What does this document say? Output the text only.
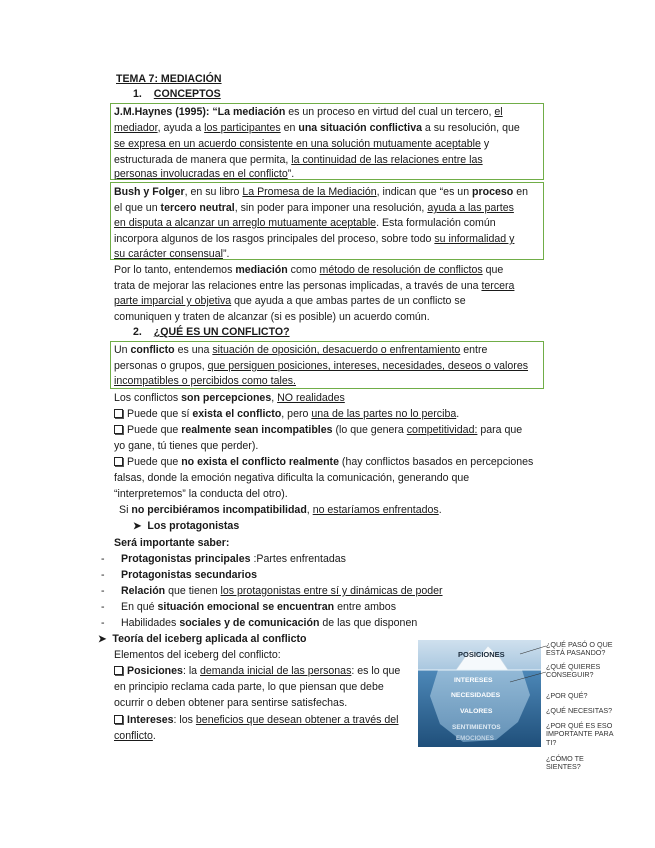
TEMA 7: MEDIACIÓN
1. CONCEPTOS
J.M.Haynes (1995): “La mediación es un proceso en virtud del cual un tercero, el
mediador, ayuda a los participantes en una situación conflictiva a su resolución, que
se expresa en un acuerdo consistente en una solución mutuamente aceptable y
estructurada de manera que permita, la continuidad de las relaciones entre las
personas involucradas en el conflicto”.
Bush y Folger, en su libro La Promesa de la Mediación, indican que “es un proceso en
el que un tercero neutral, sin poder para imponer una resolución, ayuda a las partes
en disputa a alcanzar un arreglo mutuamente aceptable. Esta formulación común
incorpora algunos de los rasgos principales del proceso, sobre todo su informalidad y
su carácter consensual”.
Por lo tanto, entendemos mediación como método de resolución de conflictos que
trata de mejorar las relaciones entre las personas implicadas, a través de una tercera
parte imparcial y objetiva que ayuda a que ambas partes de un conflicto se
comuniquen y traten de alcanzar (si es posible) un acuerdo común.
2. ¿QUÉ ES UN CONFLICTO?
Un conflicto es una situación de oposición, desacuerdo o enfrentamiento entre
personas o grupos, que persiguen posiciones, intereses, necesidades, deseos o valores
incompatibles o percibidos como tales.
Los conflictos son percepciones, NO realidades
Puede que sí exista el conflicto, pero una de las partes no lo perciba.
Puede que realmente sean incompatibles (lo que genera competitividad: para que
yo gane, tú tienes que perder).
Puede que no exista el conflicto realmente (hay conflictos basados en percepciones
falsas, donde la emoción negativa dificulta la comunicación, generando que
“interpretemos” la conducta del otro).
Si no percibiéramos incompatibilidad, no estaríamos enfrentados.
➤ Los protagonistas
Será importante saber:
- Protagonistas principales :Partes enfrentadas
- Protagonistas secundarios
- Relación que tienen los protagonistas entre sí y dinámicas de poder
- En qué situación emocional se encuentran entre ambos
- Habilidades sociales y de comunicación de las que disponen
➤ Teoría del iceberg aplicada al conflicto
Elementos del iceberg del conflicto:
Posiciones: la demanda inicial de las personas: es lo que
en principio reclama cada parte, lo que piensan que debe
ocurrir o deben obtener para sentirse satisfechas.
Intereses: los beneficios que desean obtener a través del
conflicto.
POSICIONES
INTERESES
NECESIDADES
VALORES
SENTIMIENTOS
EMOCIONES
¿QUÉ PASÓ O QUE ESTÁ PASANDO?
¿QUÉ QUIERES CONSEGUIR?
¿POR QUÉ?
¿QUÉ NECESITAS?
¿POR QUÉ ES ESO IMPORTANTE PARA TI?
¿CÓMO TE SIENTES?
